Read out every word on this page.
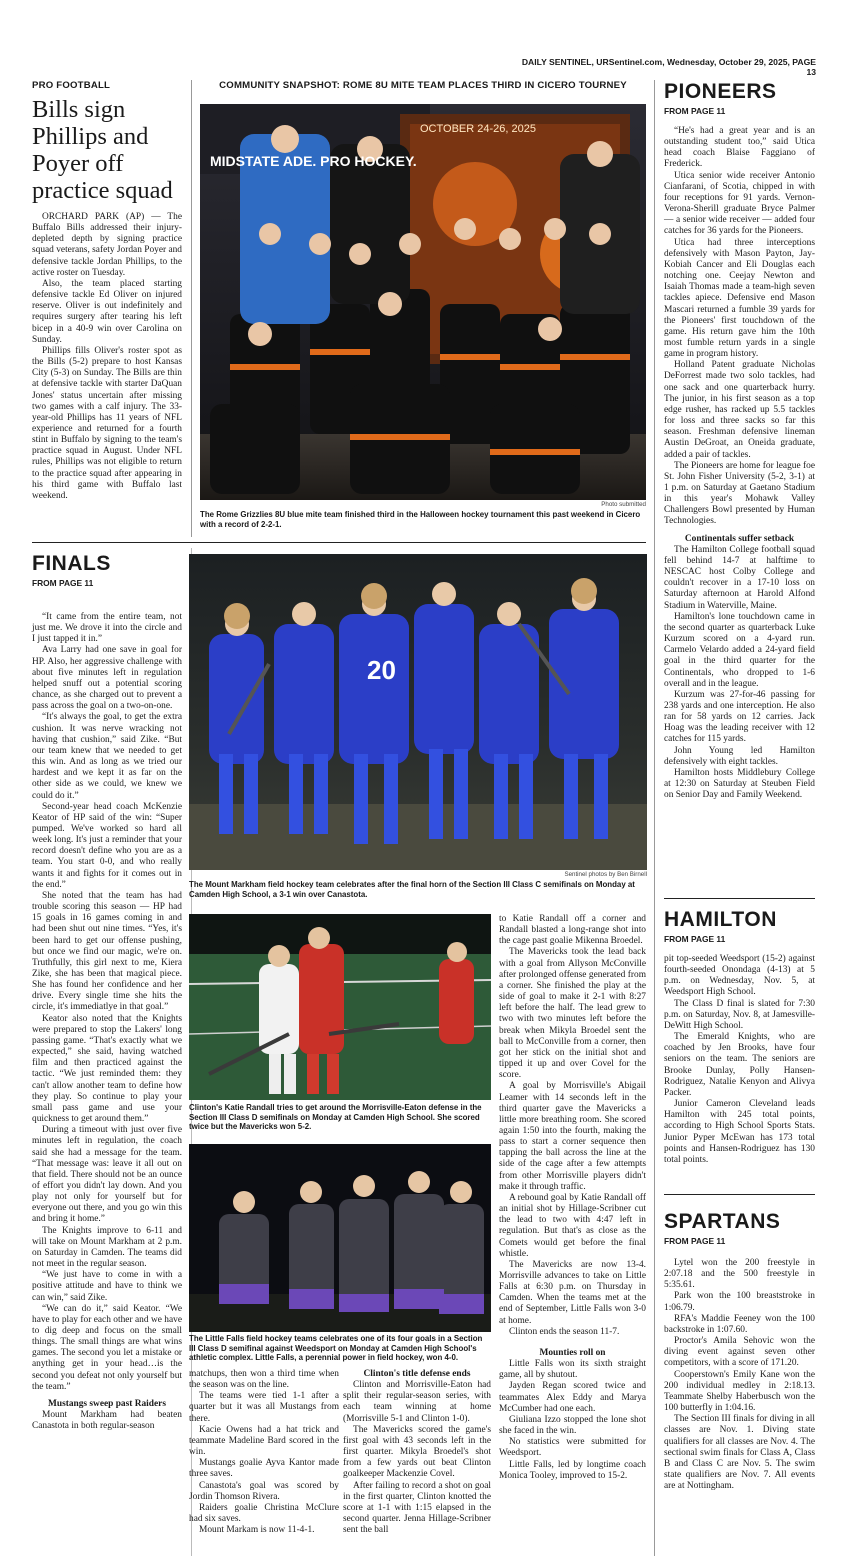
DAILY SENTINEL, URSentinel.com, Wednesday, October 29, 2025, PAGE 13
PRO FOOTBALL
Bills sign Phillips and Poyer off practice squad

ORCHARD PARK (AP) — The Buffalo Bills addressed their injury-depleted depth by signing practice squad veterans, safety Jordan Poyer and defensive tackle Jordan Phillips, to the active roster on Tuesday.

Also, the team placed starting defensive tackle Ed Oliver on injured reserve. Oliver is out indefinitely and requires surgery after tearing his left bicep in a 40-9 win over Carolina on Sunday.

Phillips fills Oliver's roster spot as the Bills (5-2) prepare to host Kansas City (5-3) on Sunday. The Bills are thin at defensive tackle with starter DaQuan Jones' status uncertain after missing two games with a calf injury. The 33-year-old Phillips has 11 years of NFL experience and returned for a fourth stint in Buffalo by signing to the team's practice squad in August. Under NFL rules, Phillips was not eligible to return to the practice squad after appearing in his third game with Buffalo last weekend.

COMMUNITY SNAPSHOT: ROME 8U MITE TEAM PLACES THIRD IN CICERO TOURNEY
MIDSTATE ADE. PRO HOCKEY.
OCTOBER 24-26, 2025
Photo submitted
The Rome Grizzlies 8U blue mite team finished third in the Halloween hockey tournament this past weekend in Cicero with a record of 2-2-1.
PIONEERS
FROM PAGE 11

“He's had a great year and is an outstanding student too,” said Utica head coach Blaise Faggiano of Frederick.

Utica senior wide receiver Antonio Cianfarani, of Scotia, chipped in with four receptions for 91 yards. Vernon-Verona-Sherill graduate Bryce Palmer — a senior wide receiver — added four catches for 36 yards for the Pioneers.

Utica had three interceptions defensively with Mason Payton, Jay-Kobiah Cancer and Eli Douglas each notching one. Ceejay Newton and Isaiah Thomas made a team-high seven tackles apiece. Defensive end Mason Mascari returned a fumble 39 yards for the Pioneers' first touchdown of the game. His return gave him the 10th most fumble return yards in a single game in program history.

Holland Patent graduate Nicholas DeForrest made two solo tackles, had one sack and one quarterback hurry. The junior, in his first season as a top edge rusher, has racked up 5.5 tackles for loss and three sacks so far this season. Freshman defensive lineman Austin DeGroat, an Oneida graduate, added a pair of tackles.

The Pioneers are home for league foe St. John Fisher University (5-2, 3-1) at 1 p.m. on Saturday at Gaetano Stadium in this year's Mohawk Valley Challengers Bowl presented by Human Technologies.

Continentals suffer setback

The Hamilton College football squad fell behind 14-7 at halftime to NESCAC host Colby College and couldn't recover in a 17-10 loss on Saturday afternoon at Harold Alfond Stadium in Waterville, Maine.

Hamilton's lone touchdown came in the second quarter as quarterback Luke Kurzum scored on a 4-yard run. Carmelo Velardo added a 24-yard field goal in the third quarter for the Continentals, who dropped to 1-6 overall and in the league.

Kurzum was 27-for-46 passing for 238 yards and one interception. He also ran for 58 yards on 12 carries. Jack Hoag was the leading receiver with 12 catches for 115 yards.

John Young led Hamilton defensively with eight tackles.

Hamilton hosts Middlebury College at 12:30 on Saturday at Steuben Field on Senior Day and Family Weekend.

FINALS
FROM PAGE 11

“It came from the entire team, not just me. We drove it into the circle and I just tapped it in.”

Ava Larry had one save in goal for HP. Also, her aggressive challenge with about five minutes left in regulation helped snuff out a potential scoring chance, as she charged out to prevent a pass across the goal on a two-on-one.

“It's always the goal, to get the extra cushion. It was nerve wracking not having that cushion,” said Zike. “But our team knew that we needed to get this win. And as long as we tried our hardest and we kept it as far on the other side as we could, we knew we could do it.”

Second-year head coach McKenzie Keator of HP said of the win: “Super pumped. We've worked so hard all week long. It's just a reminder that your record doesn't define who you are as a team. You start 0-0, and who really wants it and fights for it comes out in the end.”

She noted that the team has had trouble scoring this season — HP had 15 goals in 16 games coming in and had been shut out nine times. “Yes, it's been hard to get our offense pushing, but once we find our magic, we're on. Truthfully, this girl next to me, Kiera Zike, she has been that magical piece. She has found her confidence and her drive. Every single time she hits the circle, it's immediatlye in that goal.”

Keator also noted that the Knights were prepared to stop the Lakers' long passing game. “That's exactly what we expected,” she said, having watched film and then practiced against the tactic. “We just reminded them: they can't allow another team to define how they play. So continue to play your small pass game and use your quickness to get around them.”

During a timeout with just over five minutes left in regulation, the coach said she had a message for the team. “That message was: leave it all out on that field. There should not be an ounce of effort you didn't lay down. And you play not only for yourself but for everyone out there, and you go win this and bring it home.”

The Knights improve to 6-11 and will take on Mount Markham at 2 p.m. on Saturday in Camden. The teams did not meet in the regular season.

“We just have to come in with a positive attitude and have to think we can win,” said Zike.

“We can do it,” said Keator. “We have to play for each other and we have to dig deep and focus on the small things. The small things are what wins games. The second you let a mistake or anything get in your head…is the second you defeat not only yourself but the team.”

Mustangs sweep past Raiders

Mount Markham had beaten Canastota in both regular-season

20
Sentinel photos by Ben Birnell
The Mount Markham field hockey team celebrates after the final horn of the Section III Class C semifinals on Monday at Camden High School, a 3-1 win over Canastota.
Clinton's Katie Randall tries to get around the Morrisville-Eaton defense in the Section III Class D semifinals on Monday at Camden High School. She scored twice but the Mavericks won 5-2.
The Little Falls field hockey teams celebrates one of its four goals in a Section III Class D semifinal against Weedsport on Monday at Camden High School's athletic complex. Little Falls, a perennial power in field hockey, won 4-0.

matchups, then won a third time when the season was on the line.

The teams were tied 1-1 after a quarter but it was all Mustangs from there.

Kacie Owens had a hat trick and teammate Madeline Bard scored in the win.

Mustangs goalie Ayva Kantor made three saves.

Canastota's goal was scored by Jordin Thomson Rivera.

Raiders goalie Christina McClure had six saves.

Mount Markam is now 11-4-1.

Clinton's title defense ends

Clinton and Morrisville-Eaton had split their regular-season series, with each team winning at home (Morrisville 5-1 and Clinton 1-0).

The Mavericks scored the game's first goal with 43 seconds left in the first quarter. Mikyla Broedel's shot from a few yards out beat Clinton goalkeeper Mackenzie Covel.

After failing to record a shot on goal in the first quarter, Clinton knotted the score at 1-1 with 1:15 elapsed in the second quarter. Jenna Hillage-Scribner sent the ball

to Katie Randall off a corner and Randall blasted a long-range shot into the cage past goalie Mikenna Broedel.

The Mavericks took the lead back with a goal from Allyson McConville after prolonged offense generated from a corner. She finished the play at the side of goal to make it 2-1 with 8:27 left before the half. The lead grew to two with two minutes left before the break when Mikyla Broedel sent the ball to McConville from a corner, then got her stick on the initial shot and tipped it up and over Covel for the score.

A goal by Morrisville's Abigail Leamer with 14 seconds left in the third quarter gave the Mavericks a little more breathing room. She scored again 1:50 into the fourth, making the pass to start a corner sequence then tapping the ball across the line at the side of the cage after a few attempts from other Morrisville players didn't make it through traffic.

A rebound goal by Katie Randall off an initial shot by Hillage-Scribner cut the lead to two with 4:47 left in regulation. But that's as close as the Comets would get before the final whistle.

The Mavericks are now 13-4. Morrisville advances to take on Little Falls at 6:30 p.m. on Thursday in Camden. When the teams met at the end of September, Little Falls won 3-0 at home.

Clinton ends the season 11-7.

Mounties roll on

Little Falls won its sixth straight game, all by shutout.

Jayden Regan scored twice and teammates Alex Eddy and Marya McCumber had one each.

Giuliana Izzo stopped the lone shot she faced in the win.

No statistics were submitted for Weedsport.

Little Falls, led by longtime coach Monica Tooley, improved to 15-2.

HAMILTON
FROM PAGE 11

pit top-seeded Weedsport (15-2) against fourth-seeded Onondaga (4-13) at 5 p.m. on Wednesday, Nov. 5, at Weedsport High School.

The Class D final is slated for 7:30 p.m. on Saturday, Nov. 8, at Jamesville-DeWitt High School.

The Emerald Knights, who are coached by Jen Brooks, have four seniors on the team. The seniors are Brooke Dunlay, Polly Hansen-Rodriguez, Natalie Kenyon and Alivya Packer.

Junior Cameron Cleveland leads Hamilton with 245 total points, according to High School Sports Stats. Junior Pyper McEwan has 173 total points and Hansen-Rodriguez has 130 total points.

SPARTANS
FROM PAGE 11

Lytel won the 200 freestyle in 2:07.18 and the 500 freestyle in 5:35.61.

Park won the 100 breaststroke in 1:06.79.

RFA's Maddie Feeney won the 100 backstroke in 1:07.60.

Proctor's Amila Sehovic won the diving event against seven other competitors, with a score of 171.20.

Cooperstown's Emily Kane won the 200 individual medley in 2:18.13. Teammate Shelby Haberbusch won the 100 butterfly in 1:04.16.

The Section III finals for diving in all classes are Nov. 1. Diving state qualifiers for all classes are Nov. 4. The sectional swim finals for Class A, Class B and Class C are Nov. 5. The swim state qualifiers are Nov. 7. All events are at Nottingham.
